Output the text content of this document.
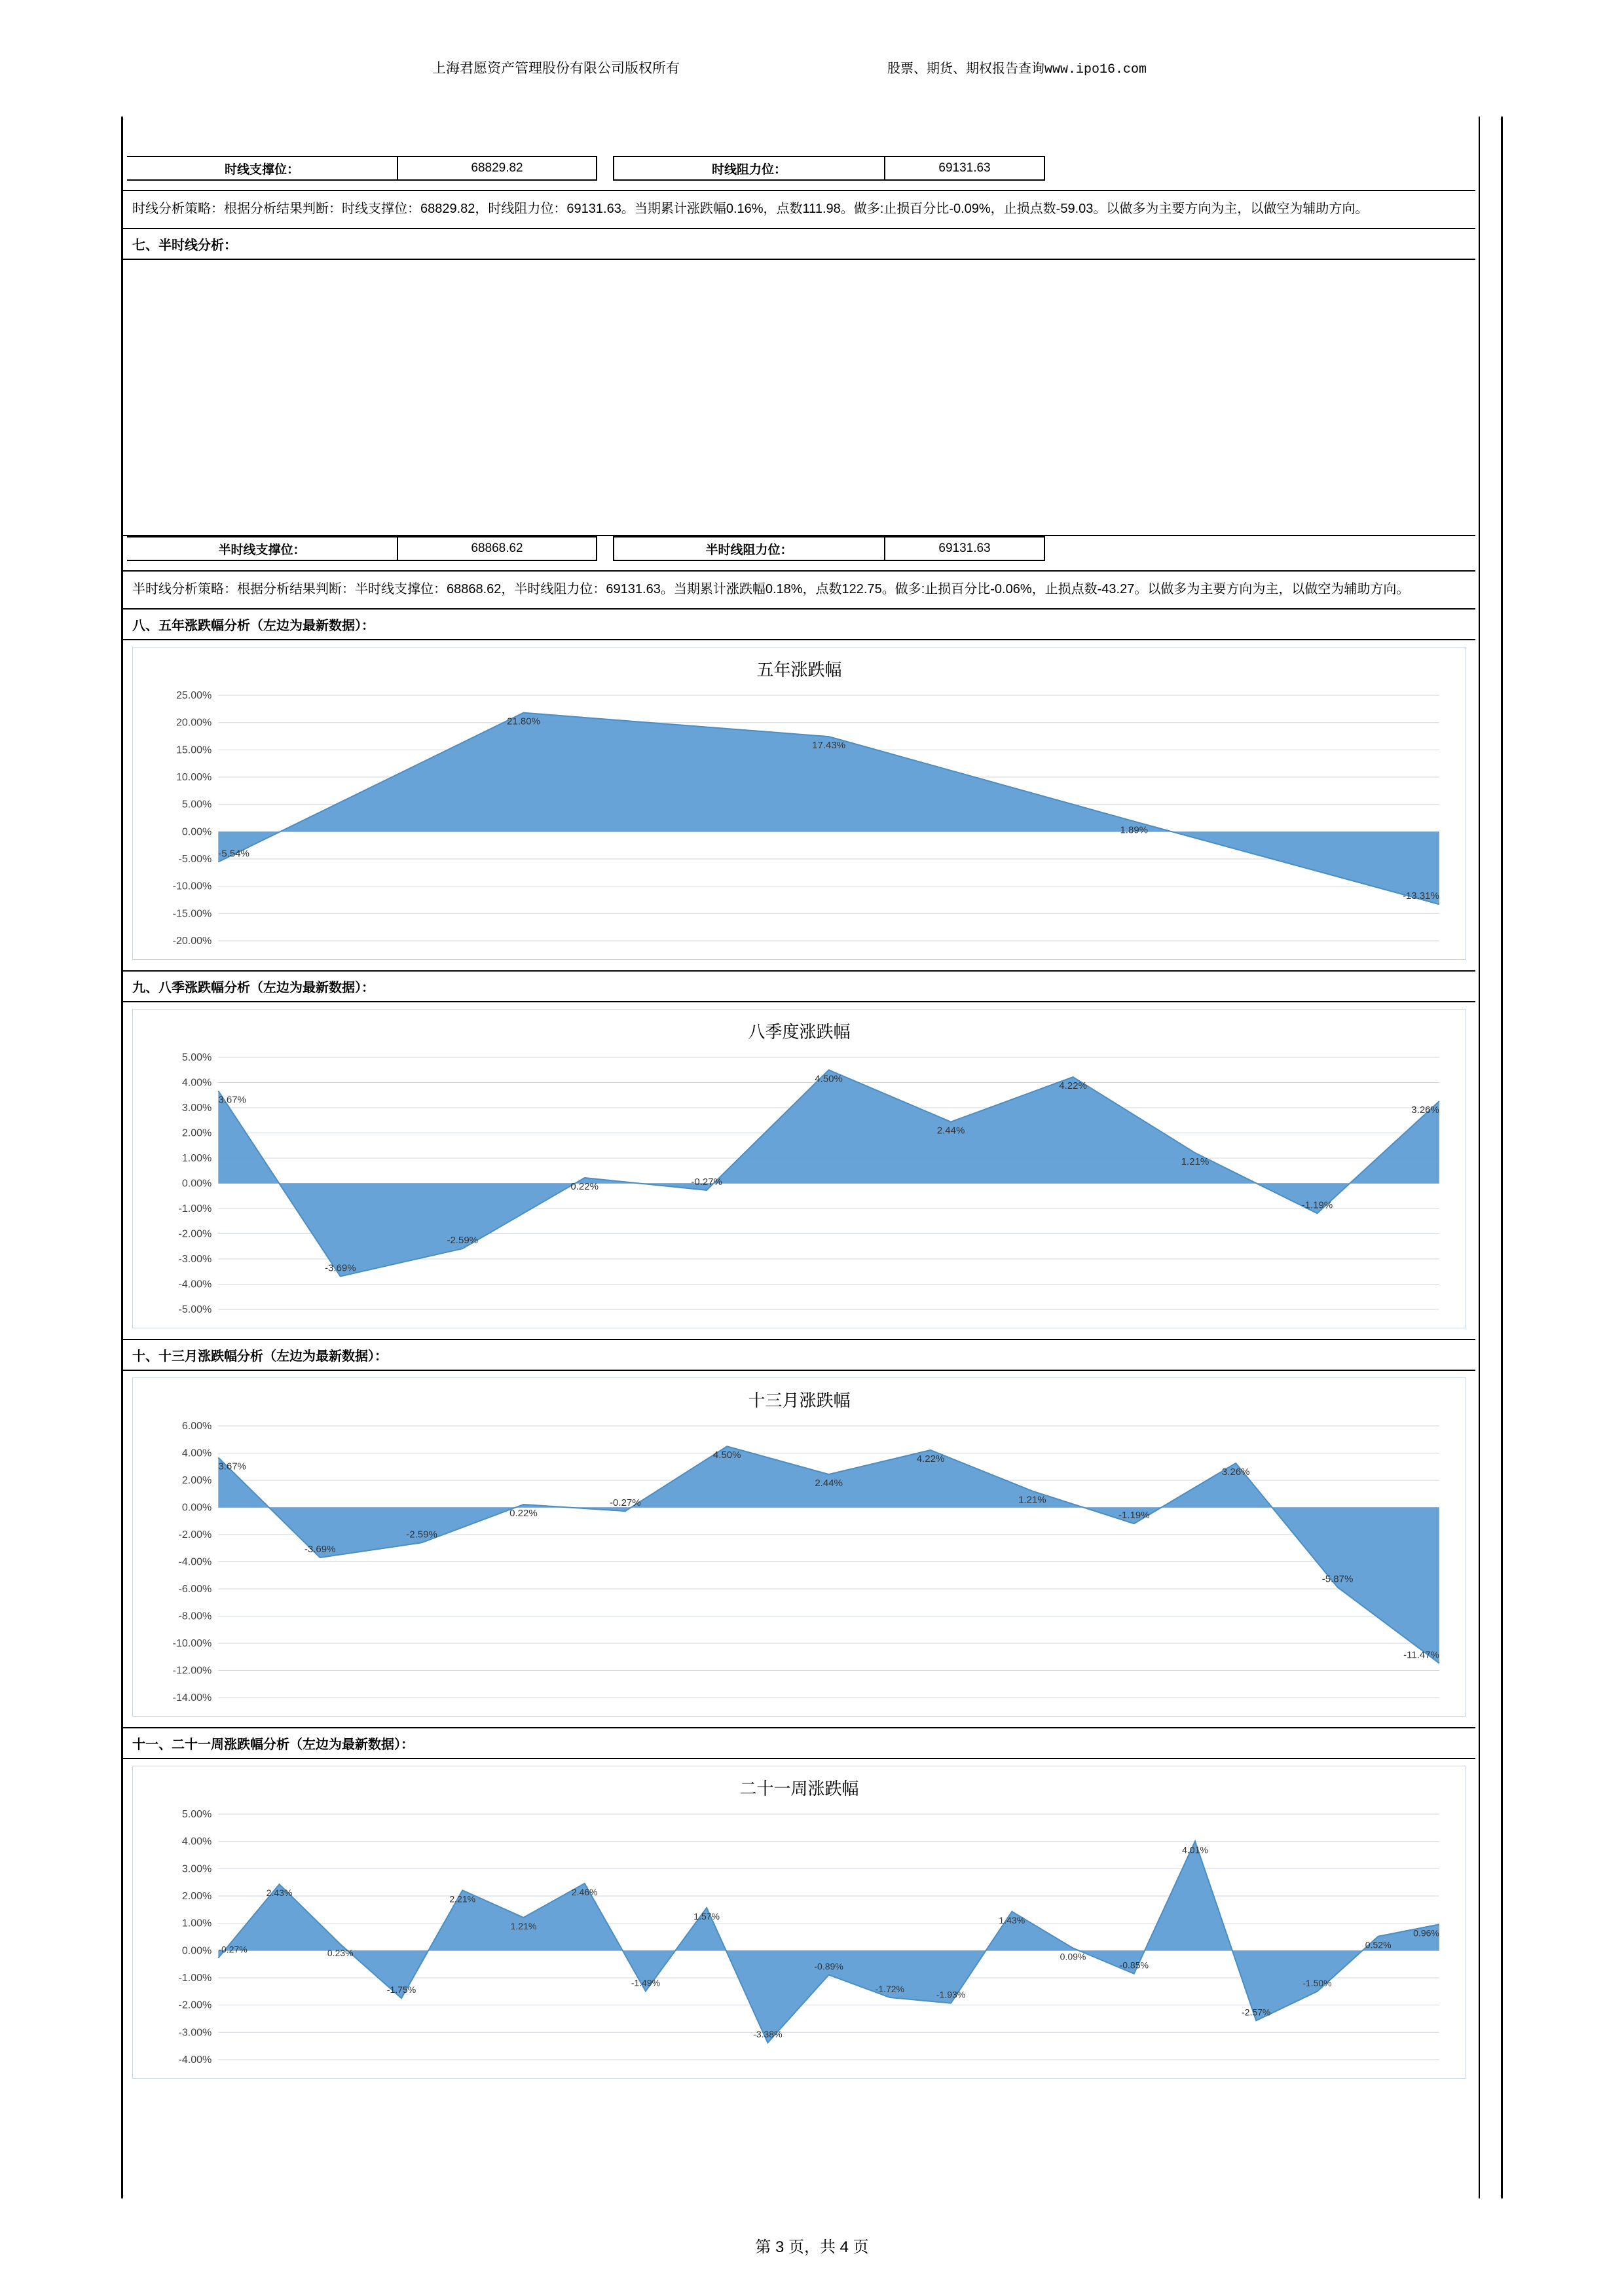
上海君愿资产管理股份有限公司版权所有	股票、期货、期权报告查询www.ipo16.com
时线支撑位：	68829.82		时线阻力位：	69131.63
时线分析策略：根据分析结果判断：时线支撑位：68829.82，时线阻力位：69131.63。当期累计涨跌幅0.16%，点数111.98。做多:止损百分比-0.09%，止损点数-59.03。以做多为主要方向为主，以做空为辅助方向。
七、半时线分析：
半时线支撑位：	68868.62		半时线阻力位：	69131.63
半时线分析策略：根据分析结果判断：半时线支撑位：68868.62，半时线阻力位：69131.63。当期累计涨跌幅0.18%，点数122.75。做多:止损百分比-0.06%，止损点数-43.27。以做多为主要方向为主，以做空为辅助方向。
八、五年涨跌幅分析（左边为最新数据）：
五年涨跌幅
25.00%
20.00%
15.00%
10.00%
5.00%
0.00%
-5.00%
-10.00%
-15.00%
-20.00%
-5.54%
21.80%
17.43%
1.89%
-13.31%
九、八季涨跌幅分析（左边为最新数据）：
八季度涨跌幅
5.00%
4.00%
3.00%
2.00%
1.00%
0.00%
-1.00%
-2.00%
-3.00%
-4.00%
-5.00%
3.67%
-3.69%
-2.59%
0.22%	-0.27%
4.50%
2.44%
4.22%
1.21%
-1.19%
3.26%
十、十三月涨跌幅分析（左边为最新数据）：
十三月涨跌幅
6.00%
4.00%
2.00%
0.00%
-2.00%
-4.00%
-6.00%
-8.00%
-10.00%
-12.00%
-14.00%
3.67%
-3.69%
-2.59%
0.22%
-0.27%
4.50%
2.44%
4.22%
1.21%
-1.19%
3.26%
-5.87%
-11.47%
十一、二十一周涨跌幅分析（左边为最新数据）：
二十一周涨跌幅
5.00%
4.00%
3.00%
2.00%
1.00%
0.00%
-1.00%
-2.00%
-3.00%
-4.00%
-0.27%
2.43%
0.23%
-1.75%
2.21%
1.21%
2.46%
-1.49%
1.57%
-3.38%
-0.89%
-1.72%
-1.93%
1.43%
0.09%
-0.85%
4.01%
-2.57%
-1.50%
0.52%
0.96%
第 3 页，共 4 页
